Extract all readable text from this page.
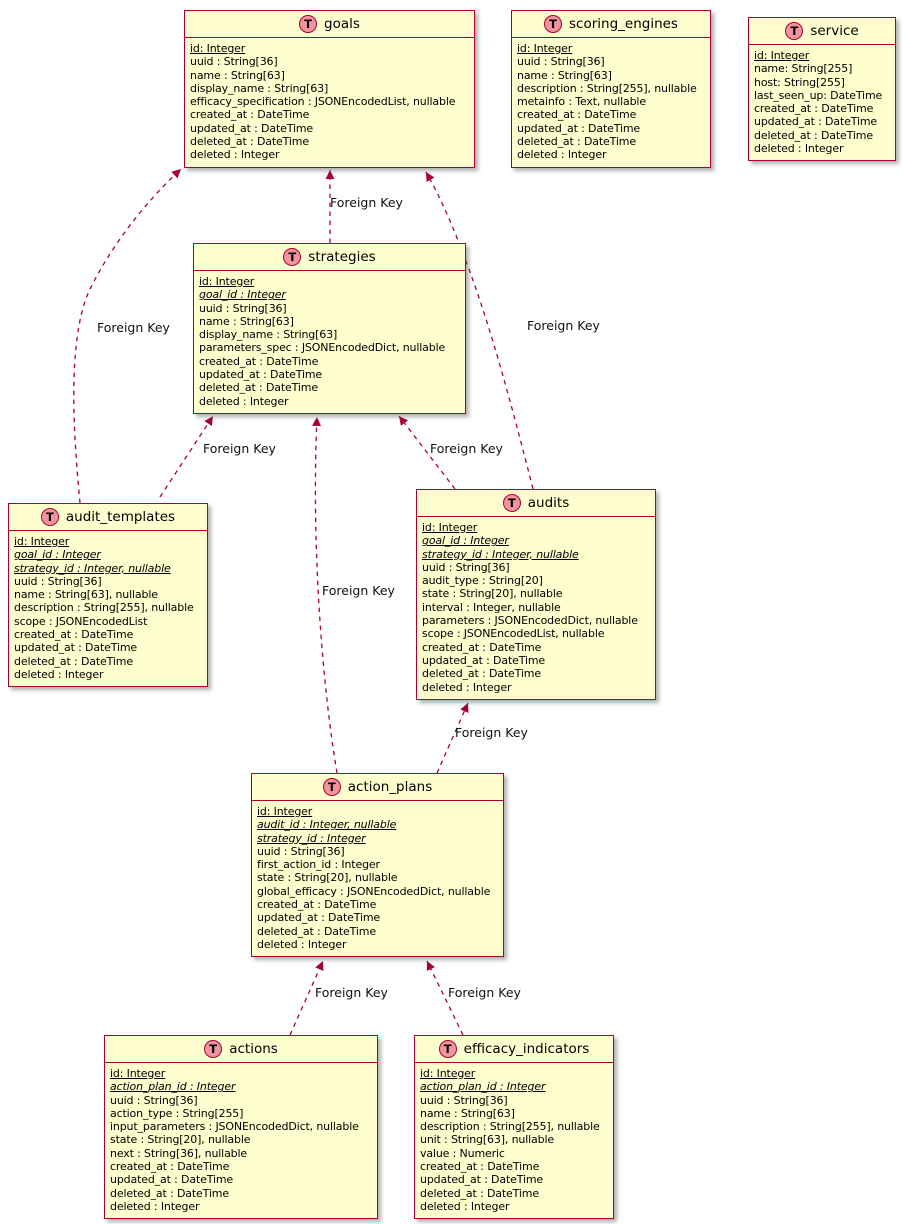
T goals
id: Integer
uuid : String[36]
name : String[63]
display_name : String[63]
efficacy_specification : JSONEncodedList, nullable
created_at : DateTime
updated_at : DateTime
deleted_at : DateTime
deleted : Integer
T scoring_engines
id: Integer
uuid : String[36]
name : String[63]
description : String[255], nullable
metainfo : Text, nullable
created_at : DateTime
updated_at : DateTime
deleted_at : DateTime
deleted : Integer
T service
id: Integer
name: String[255]
host: String[255]
last_seen_up: DateTime
created_at : DateTime
updated_at : DateTime
deleted_at : DateTime
deleted : Integer
T strategies
id: Integer
goal_id : Integer
uuid : String[36]
name : String[63]
display_name : String[63]
parameters_spec : JSONEncodedDict, nullable
created_at : DateTime
updated_at : DateTime
deleted_at : DateTime
deleted : Integer
T audit_templates
id: Integer
goal_id : Integer
strategy_id : Integer, nullable
uuid : String[36]
name : String[63], nullable
description : String[255], nullable
scope : JSONEncodedList
created_at : DateTime
updated_at : DateTime
deleted_at : DateTime
deleted : Integer
T audits
id: Integer
goal_id : Integer
strategy_id : Integer, nullable
uuid : String[36]
audit_type : String[20]
state : String[20], nullable
interval : Integer, nullable
parameters : JSONEncodedDict, nullable
scope : JSONEncodedList, nullable
created_at : DateTime
updated_at : DateTime
deleted_at : DateTime
deleted : Integer
T action_plans
id: Integer
audit_id : Integer, nullable
strategy_id : Integer
uuid : String[36]
first_action_id : Integer
state : String[20], nullable
global_efficacy : JSONEncodedDict, nullable
created_at : DateTime
updated_at : DateTime
deleted_at : DateTime
deleted : Integer
T actions
id: Integer
action_plan_id : Integer
uuid : String[36]
action_type : String[255]
input_parameters : JSONEncodedDict, nullable
state : String[20], nullable
next : String[36], nullable
created_at : DateTime
updated_at : DateTime
deleted_at : DateTime
deleted : Integer
T efficacy_indicators
id: Integer
action_plan_id : Integer
uuid : String[36]
name : String[63]
description : String[255], nullable
unit : String[63], nullable
value : Numeric
created_at : DateTime
updated_at : DateTime
deleted_at : DateTime
deleted : Integer
Foreign Key
Foreign Key
Foreign Key	Foreign Key
Foreign Key
Foreign Key
Foreign Key
Foreign Key	Foreign Key
